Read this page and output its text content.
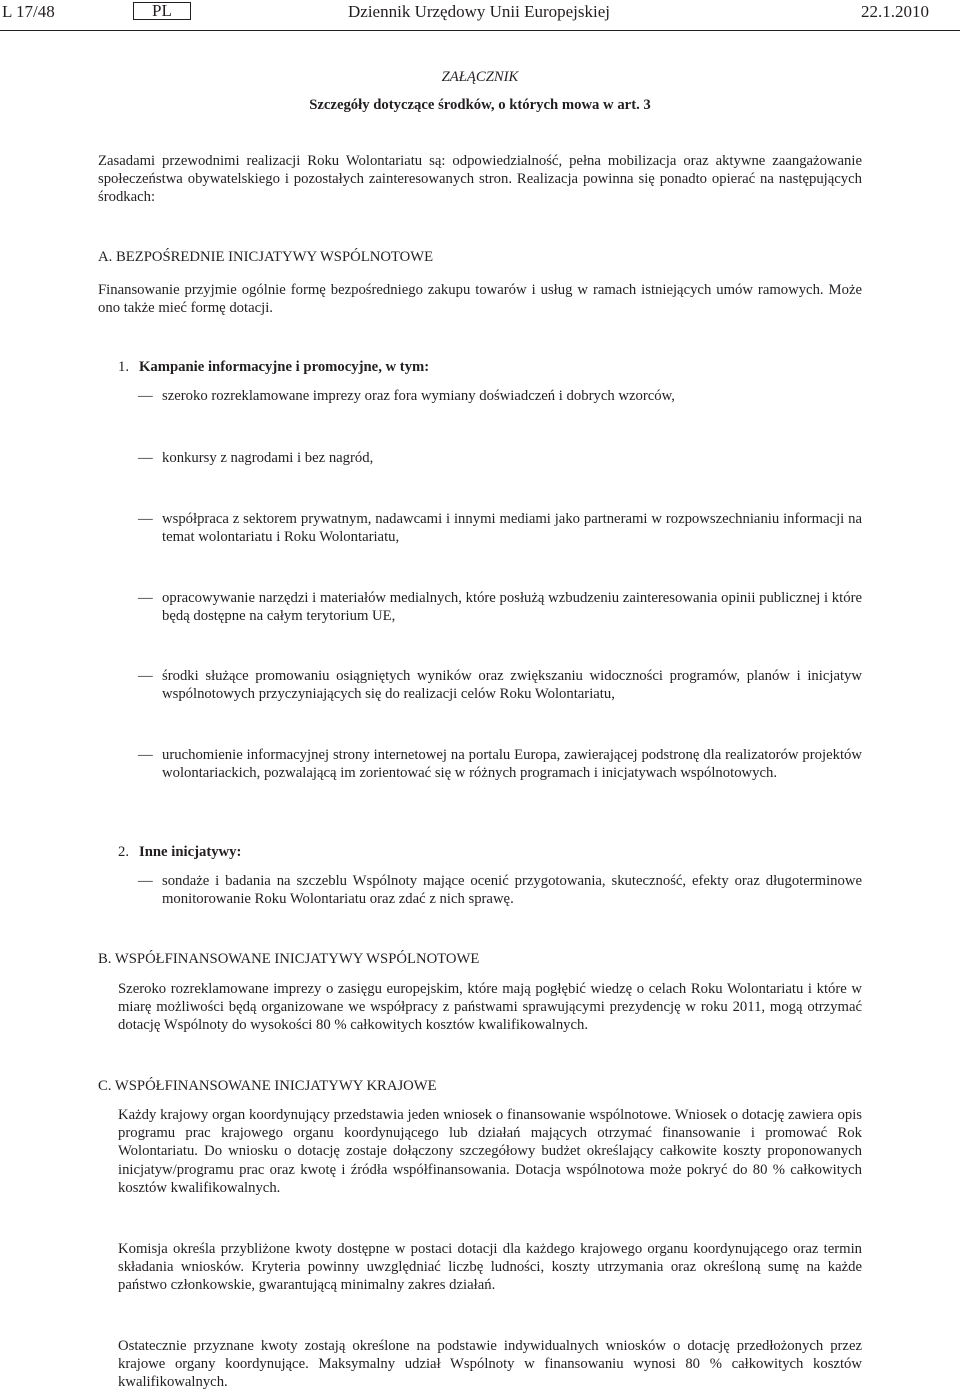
L 17/48	PL	Dziennik Urzędowy Unii Europejskiej	22.1.2010

ZAŁĄCZNIK

Szczegóły dotyczące środków, o których mowa w art. 3

Zasadami przewodnimi realizacji Roku Wolontariatu są: odpowiedzialność, pełna mobilizacja oraz aktywne zaangażowanie społeczeństwa obywatelskiego i pozostałych zainteresowanych stron. Realizacja powinna się ponadto opierać na następujących środkach:

A. BEZPOŚREDNIE INICJATYWY WSPÓLNOTOWE

Finansowanie przyjmie ogólnie formę bezpośredniego zakupu towarów i usług w ramach istniejących umów ramowych. Może ono także mieć formę dotacji.

1. Kampanie informacyjne i promocyjne, w tym:
— szeroko rozreklamowane imprezy oraz fora wymiany doświadczeń i dobrych wzorców,
— konkursy z nagrodami i bez nagród,
— współpraca z sektorem prywatnym, nadawcami i innymi mediami jako partnerami w rozpowszechnianiu informacji na temat wolontariatu i Roku Wolontariatu,
— opracowywanie narzędzi i materiałów medialnych, które posłużą wzbudzeniu zainteresowania opinii publicznej i które będą dostępne na całym terytorium UE,
— środki służące promowaniu osiągniętych wyników oraz zwiększaniu widoczności programów, planów i inicjatyw wspólnotowych przyczyniających się do realizacji celów Roku Wolontariatu,
— uruchomienie informacyjnej strony internetowej na portalu Europa, zawierającej podstronę dla realizatorów projektów wolontariackich, pozwalającą im zorientować się w różnych programach i inicjatywach wspólnotowych.
2. Inne inicjatywy:
— sondaże i badania na szczeblu Wspólnoty mające ocenić przygotowania, skuteczność, efekty oraz długoterminowe monitorowanie Roku Wolontariatu oraz zdać z nich sprawę.

B. WSPÓŁFINANSOWANE INICJATYWY WSPÓLNOTOWE

Szeroko rozreklamowane imprezy o zasięgu europejskim, które mają pogłębić wiedzę o celach Roku Wolontariatu i które w miarę możliwości będą organizowane we współpracy z państwami sprawującymi prezydencję w roku 2011, mogą otrzymać dotację Wspólnoty do wysokości 80 % całkowitych kosztów kwalifikowalnych.

C. WSPÓŁFINANSOWANE INICJATYWY KRAJOWE

Każdy krajowy organ koordynujący przedstawia jeden wniosek o finansowanie wspólnotowe. Wniosek o dotację zawiera opis programu prac krajowego organu koordynującego lub działań mających otrzymać finansowanie i promować Rok Wolontariatu. Do wniosku o dotację zostaje dołączony szczegółowy budżet określający całkowite koszty proponowanych inicjatyw/programu prac oraz kwotę i źródła współfinansowania. Dotacja wspólnotowa może pokryć do 80 % całkowitych kosztów kwalifikowalnych.

Komisja określa przybliżone kwoty dostępne w postaci dotacji dla każdego krajowego organu koordynującego oraz termin składania wniosków. Kryteria powinny uwzględniać liczbę ludności, koszty utrzymania oraz określoną sumę na każde państwo członkowskie, gwarantującą minimalny zakres działań.

Ostatecznie przyznane kwoty zostają określone na podstawie indywidualnych wniosków o dotację przedłożonych przez krajowe organy koordynujące. Maksymalny udział Wspólnoty w finansowaniu wynosi 80 % całkowitych kosztów kwalifikowalnych.
